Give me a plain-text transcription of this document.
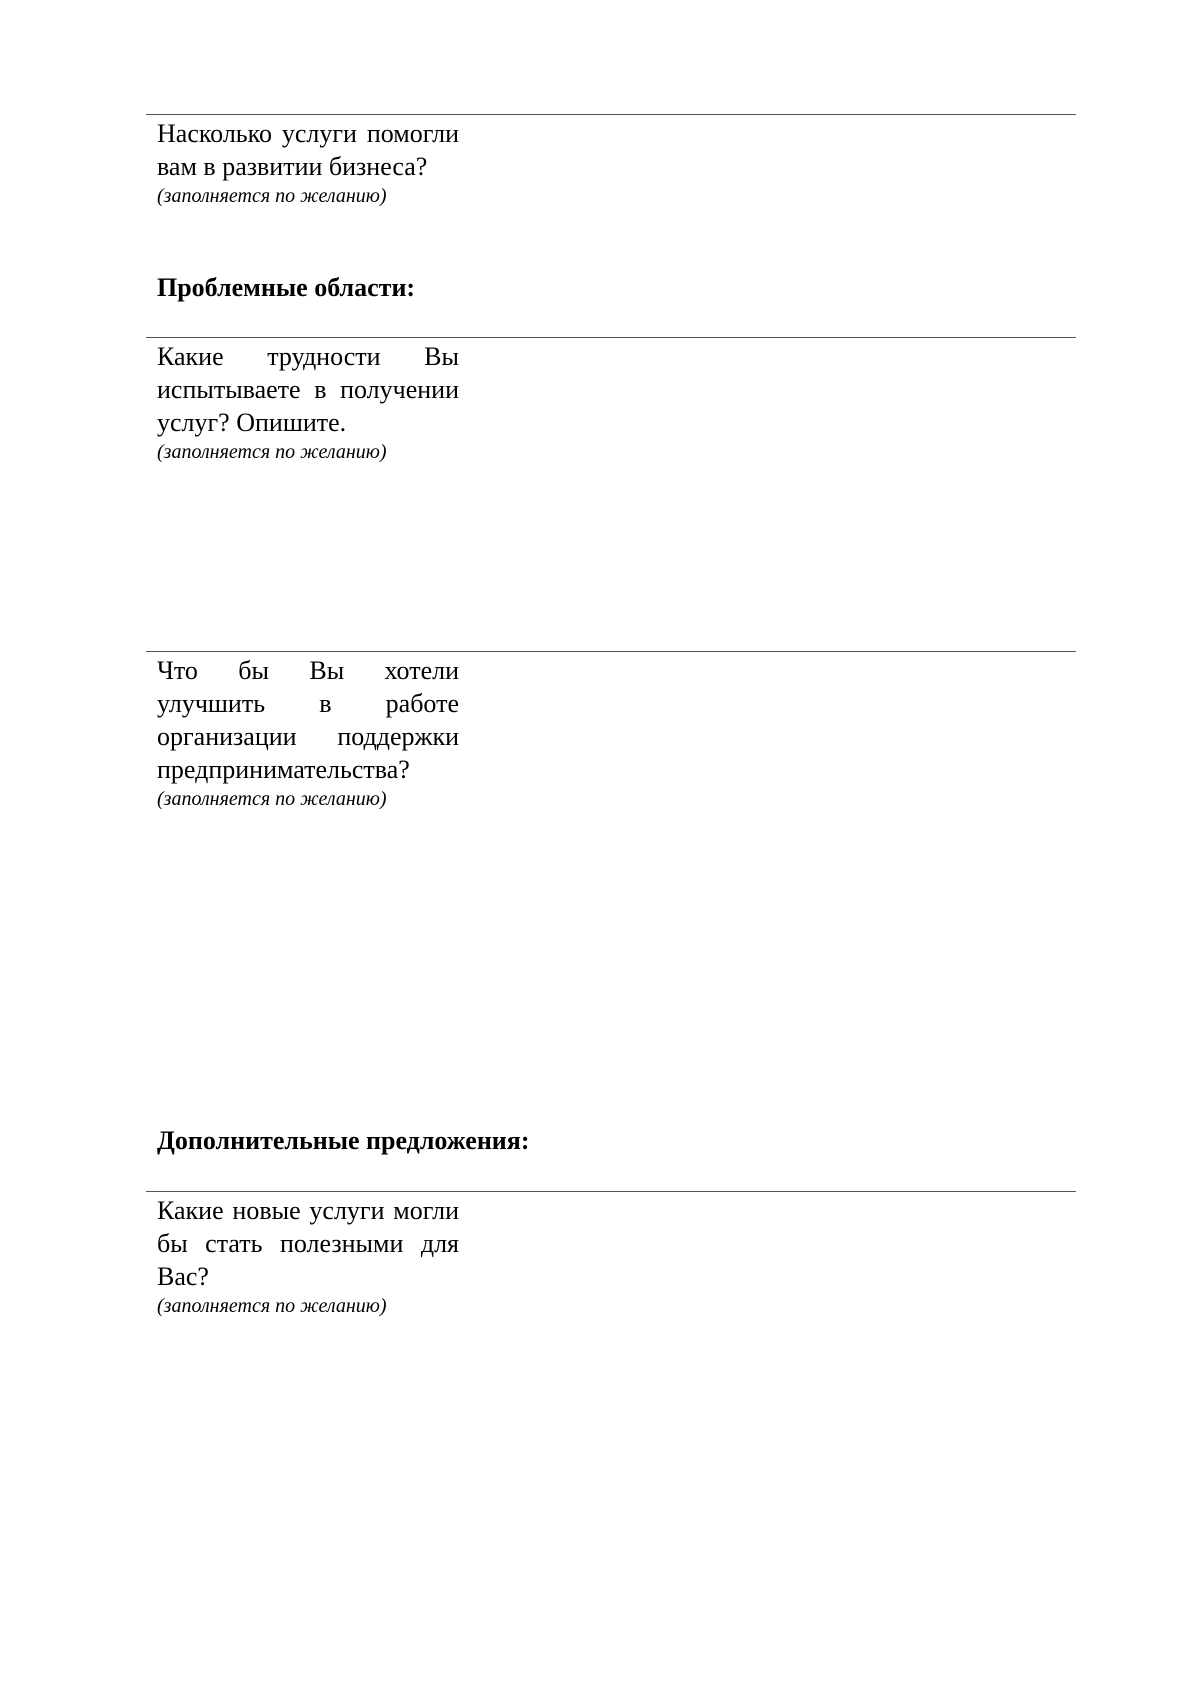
Насколько услуги помогли вам в развитии бизнеса?
(заполняется по желанию)
Проблемные области:
Какие трудности Вы испытываете в получении услуг? Опишите.
(заполняется по желанию)
Что бы Вы хотели улучшить в работе организации поддержки предпринимательства?
(заполняется по желанию)
Дополнительные предложения:
Какие новые услуги могли бы стать полезными для Вас?
(заполняется по желанию)
